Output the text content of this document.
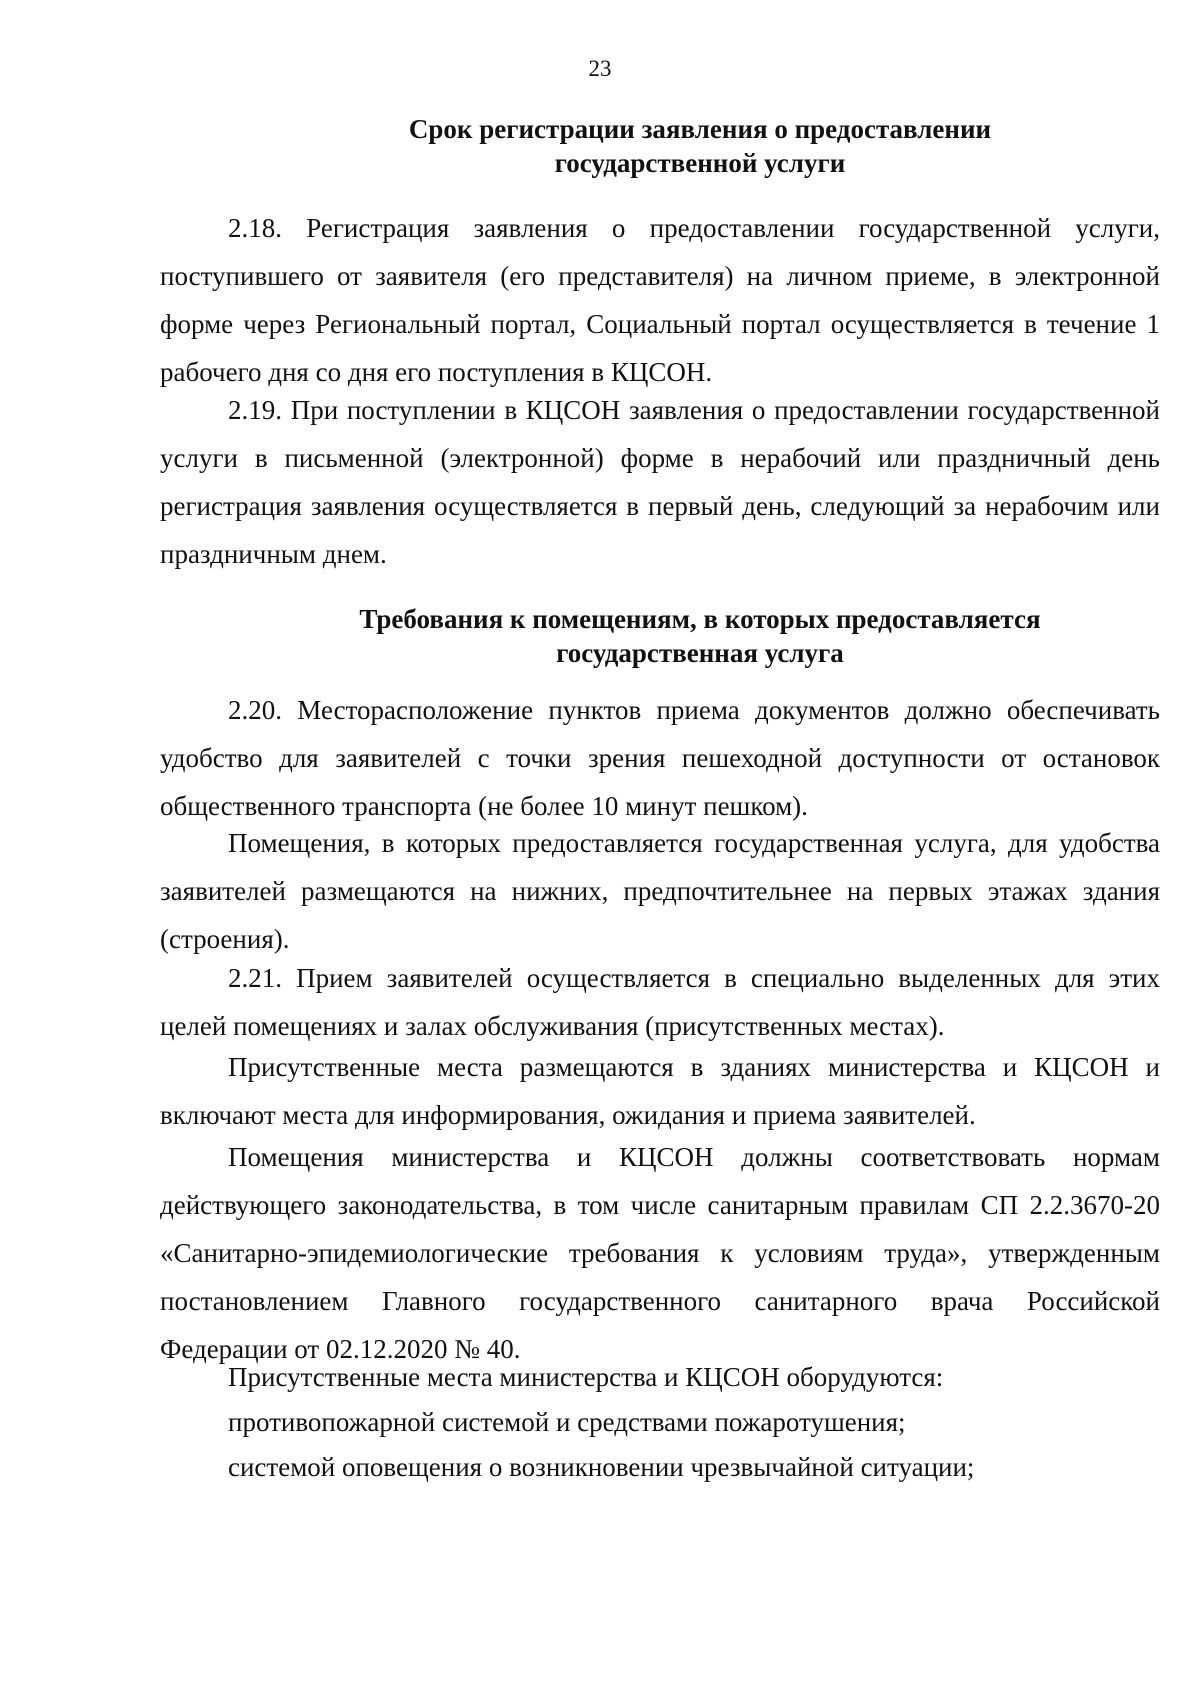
23
Срок регистрации заявления о предоставлении
государственной услуги

2.18. Регистрация заявления о предоставлении государственной услуги, поступившего от заявителя (его представителя) на личном приеме, в электронной форме через Региональный портал, Социальный портал осуществляется в течение 1 рабочего дня со дня его поступления в КЦСОН.

2.19. При поступлении в КЦСОН заявления о предоставлении государственной услуги в письменной (электронной) форме в нерабочий или праздничный день регистрация заявления осуществляется в первый день, следующий за нерабочим или праздничным днем.

Требования к помещениям, в которых предоставляется
государственная услуга

2.20. Месторасположение пунктов приема документов должно обеспечивать удобство для заявителей с точки зрения пешеходной доступности от остановок общественного транспорта (не более 10 минут пешком).

Помещения, в которых предоставляется государственная услуга, для удобства заявителей размещаются на нижних, предпочтительнее на первых этажах здания (строения).

2.21. Прием заявителей осуществляется в специально выделенных для этих целей помещениях и залах обслуживания (присутственных местах).

Присутственные места размещаются в зданиях министерства и КЦСОН и включают места для информирования, ожидания и приема заявителей.

Помещения министерства и КЦСОН должны соответствовать нормам действующего законодательства, в том числе санитарным правилам СП 2.2.3670-20 «Санитарно-эпидемиологические требования к условиям труда», утвержденным постановлением Главного государственного санитарного врача Российской Федерации от 02.12.2020 № 40.

Присутственные места министерства и КЦСОН оборудуются:

противопожарной системой и средствами пожаротушения;
системой оповещения о возникновении чрезвычайной ситуации;
